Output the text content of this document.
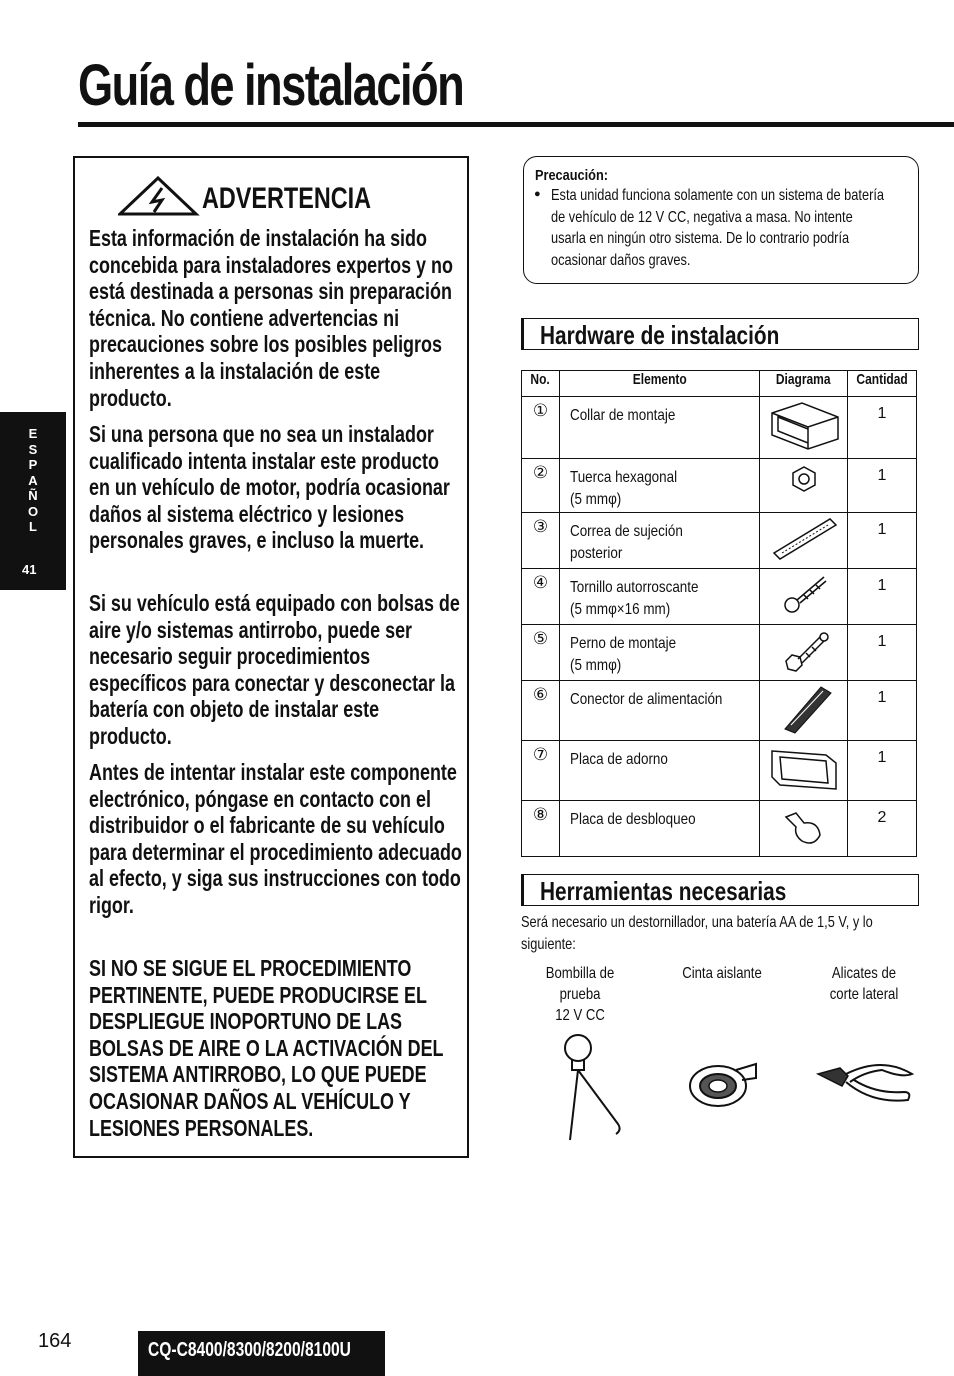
Guía de instalación
E
S
P
A
Ñ
O
L
41
ADVERTENCIA

Esta información de instalación ha sido concebida para instaladores expertos y no está destinada a personas sin preparación técnica. No contiene advertencias ni precauciones sobre los posibles peligros inherentes a la instalación de este producto.

Si una persona que no sea un instalador cualificado intenta instalar este producto en un vehículo de motor, podría ocasionar daños al sistema eléctrico y lesiones personales graves, e incluso la muerte.

Si su vehículo está equipado con bolsas de aire y/o sistemas antirrobo, puede ser necesario seguir procedimientos específicos para conectar y desconectar la batería con objeto de instalar este producto.

Antes de intentar instalar este componente electrónico, póngase en contacto con el distribuidor o el fabricante de su vehículo para determinar el procedimiento adecuado al efecto, y siga sus instrucciones con todo rigor.

SI NO SE SIGUE EL PROCEDIMIENTO PERTINENTE, PUEDE PRODUCIRSE EL DESPLIEGUE INOPORTUNO DE LAS BOLSAS DE AIRE O LA ACTIVACIÓN DEL SISTEMA ANTIRROBO, LO QUE PUEDE OCASIONAR DAÑOS AL VEHÍCULO Y LESIONES PERSONALES.

Precaución:
● Esta unidad funciona solamente con un sistema de batería de vehículo de 12 V CC, negativa a masa. No intente usarla en ningún otro sistema. De lo contrario podría ocasionar daños graves.

Hardware de instalación
No.	Elemento	Diagrama	Cantidad
①	Collar de montaje		1
②	Tuerca hexagonal
(5 mmφ)		1
③	Correa de sujeción
posterior		1
④	Tornillo autorroscante
(5 mmφ×16 mm)		1
⑤	Perno de montaje
(5 mmφ)		1
⑥	Conector de alimentación		1
⑦	Placa de adorno		1
⑧	Placa de desbloqueo		2
Herramientas necesarias

Será necesario un destornillador, una batería AA de 1,5 V, y lo siguiente:

Bombilla de
prueba
12 V CC
Cinta aislante	Alicates de
corte lateral
164	CQ-C8400/8300/8200/8100U
